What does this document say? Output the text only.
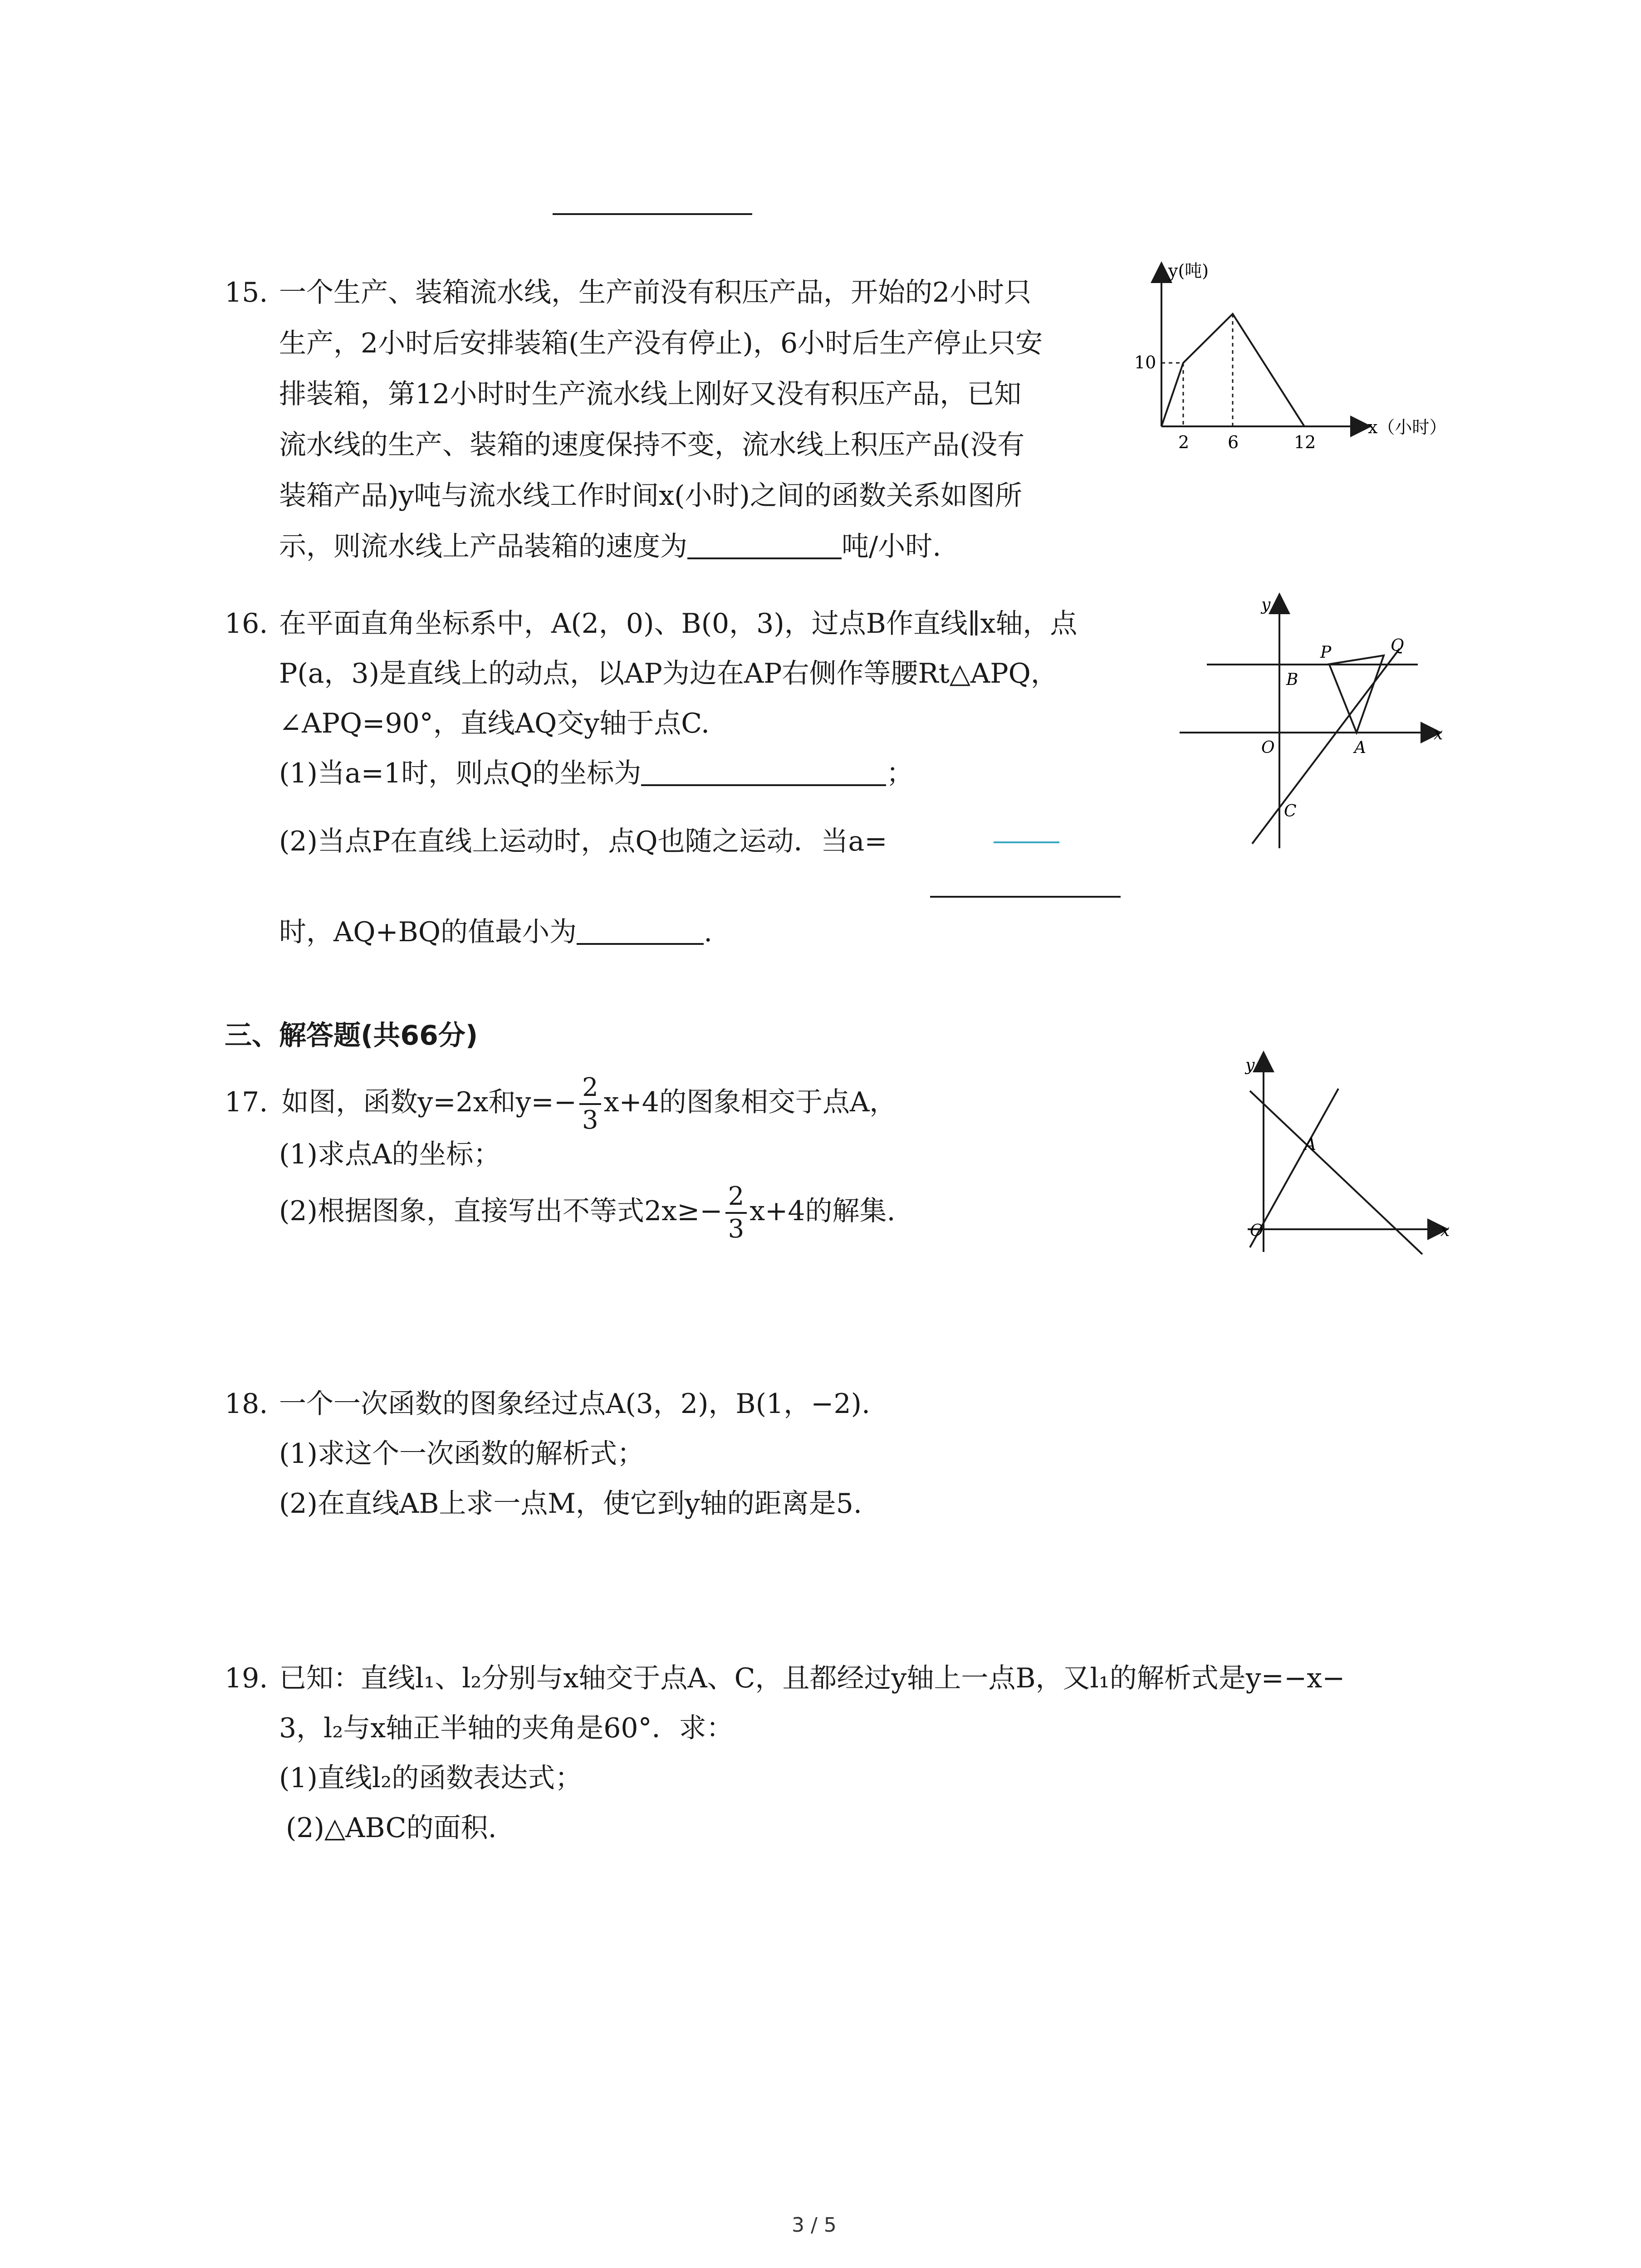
15. 一个生产、装箱流水线，生产前没有积压产品，开始的2小时只
生产，2小时后安排装箱(生产没有停止)，6小时后生产停止只安
排装箱，第12小时时生产流水线上刚好又没有积压产品，已知
流水线的生产、装箱的速度保持不变，流水线上积压产品(没有
装箱产品)y吨与流水线工作时间x(小时)之间的函数关系如图所
示，则流水线上产品装箱的速度为	吨/小时.
y(吨)
x（小时）
10
2 6	12
16. 在平面直角坐标系中，A(2，0)、B(0，3)，过点B作直线∥x轴，点
P(a，3)是直线上的动点，以AP为边在AP右侧作等腰Rt△APQ，
∠APQ=90°，直线AQ交y轴于点C.
(1)当a=1时，则点Q的坐标为	；
(2)当点P在直线上运动时，点Q也随之运动．当a=
时，AQ+BQ的值最小为	.
y
x
O	A
B
C
P	Q
三、解答题(共66分)
17. 如图，函数y=2x和$y=- \frac{2}{3} x+4$的图象相交于点A，
(1)求点A的坐标；
(2)根据图象，直接写出不等式$2x\ge- \frac{2}{3} x+4$的解集.
y
x
O
A
18. 一个一次函数的图象经过点A(3，2)，B(1，−2).
(1)求这个一次函数的解析式；
(2)在直线AB上求一点M，使它到y轴的距离是5.
19. 已知：直线l₁、l₂分别与x轴交于点A、C，且都经过y轴上一点B，又l₁的解析式是y=−x−
3，l₂与x轴正半轴的夹角是60°．求：
(1)直线l₂的函数表达式；
(2)△ABC的面积.
3 / 5
